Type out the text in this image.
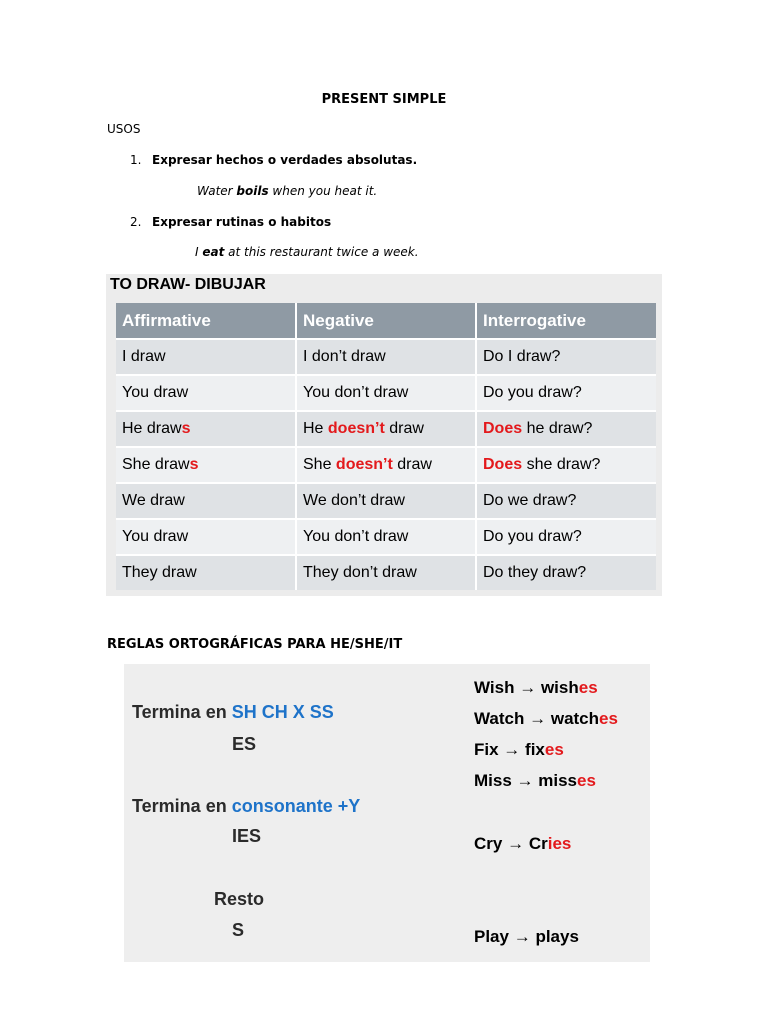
PRESENT SIMPLE
USOS
1. Expresar hechos o verdades absolutas.
Water boils when you heat it.
2. Expresar rutinas o habitos
I eat at this restaurant twice a week.
TO DRAW- DIBUJAR
Affirmative	Negative	Interrogative
I draw	I don’t draw	Do I draw?
You draw	You don’t draw	Do you draw?
He draws	He doesn’t draw	Does he draw?
She draws	She doesn’t draw	Does she draw?
We draw	We don’t draw	Do we draw?
You draw	You don’t draw	Do you draw?
They draw	They don’t draw	Do they draw?
REGLAS ORTOGRÁFICAS PARA HE/SHE/IT
Termina en SH CH X SS
ES
Termina en consonante +Y
IES
Resto
S
Wish → wishes
Watch → watches
Fix → fixes
Miss → misses
Cry → Cries
Play → plays
